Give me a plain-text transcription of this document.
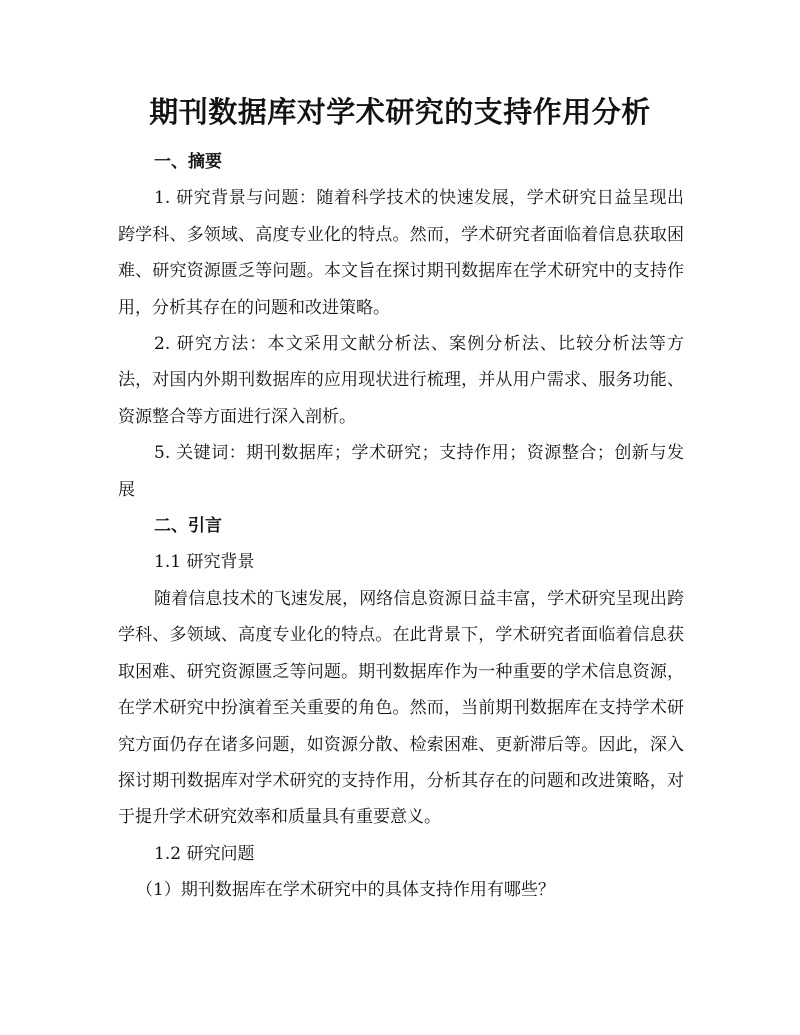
期刊数据库对学术研究的支持作用分析

一、摘要

1. 研究背景与问题：随着科学技术的快速发展，学术研究日益呈现出跨学科、多领域、高度专业化的特点。然而，学术研究者面临着信息获取困难、研究资源匮乏等问题。本文旨在探讨期刊数据库在学术研究中的支持作用，分析其存在的问题和改进策略。

2. 研究方法：本文采用文献分析法、案例分析法、比较分析法等方法，对国内外期刊数据库的应用现状进行梳理，并从用户需求、服务功能、资源整合等方面进行深入剖析。

5. 关键词：期刊数据库；学术研究；支持作用；资源整合；创新与发展

二、引言

1.1 研究背景

随着信息技术的飞速发展，网络信息资源日益丰富，学术研究呈现出跨学科、多领域、高度专业化的特点。在此背景下，学术研究者面临着信息获取困难、研究资源匮乏等问题。期刊数据库作为一种重要的学术信息资源，在学术研究中扮演着至关重要的角色。然而，当前期刊数据库在支持学术研究方面仍存在诸多问题，如资源分散、检索困难、更新滞后等。因此，深入探讨期刊数据库对学术研究的支持作用，分析其存在的问题和改进策略，对于提升学术研究效率和质量具有重要意义。

1.2 研究问题

（1）期刊数据库在学术研究中的具体支持作用有哪些？
